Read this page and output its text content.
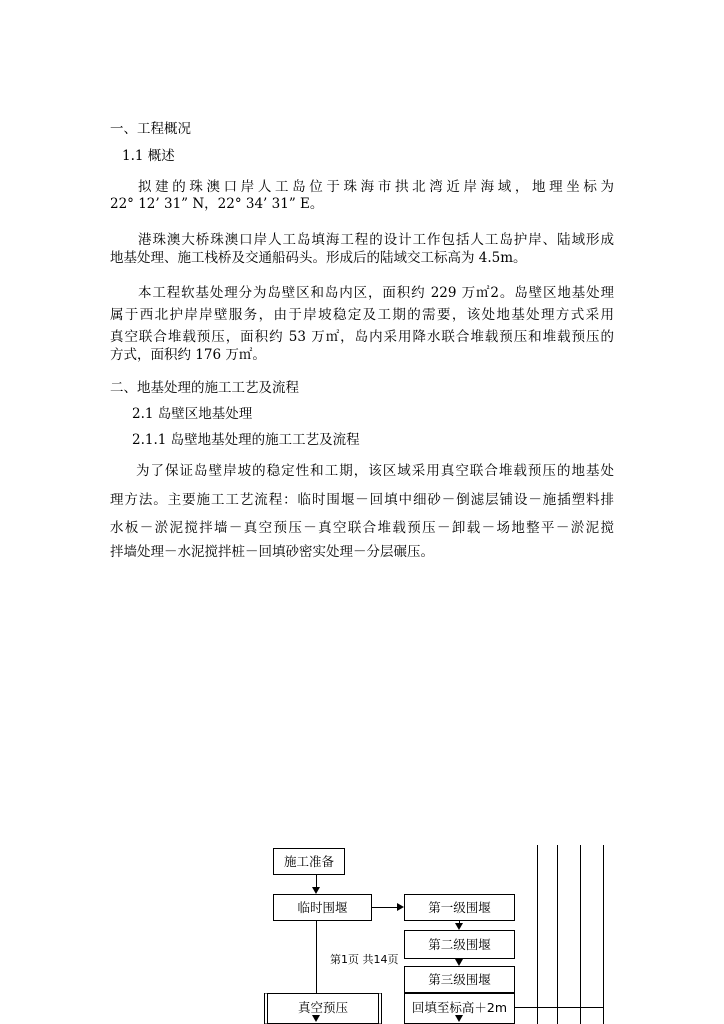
一、工程概况
1.1 概述
拟建的珠澳口岸人工岛位于珠海市拱北湾近岸海域，地理坐标为
22° 12’ 31” N，22° 34’ 31” E。
港珠澳大桥珠澳口岸人工岛填海工程的设计工作包括人工岛护岸、陆域形成
地基处理、施工栈桥及交通船码头。形成后的陆域交工标高为 4.5m。
本工程软基处理分为岛壁区和岛内区，面积约 229 万㎡2。岛壁区地基处理
属于西北护岸岸壁服务，由于岸坡稳定及工期的需要，该处地基处理方式采用
真空联合堆载预压，面积约 53 万㎡，岛内采用降水联合堆载预压和堆载预压的
方式，面积约 176 万㎡。
二、地基处理的施工工艺及流程
2.1 岛壁区地基处理
2.1.1 岛壁地基处理的施工工艺及流程
为了保证岛壁岸坡的稳定性和工期，该区域采用真空联合堆载预压的地基处
理方法。主要施工工艺流程：临时围堰－回填中细砂－倒滤层铺设－施插塑料排
水板－淤泥搅拌墙－真空预压－真空联合堆载预压－卸载－场地整平－淤泥搅
拌墙处理－水泥搅拌桩－回填砂密实处理－分层碾压。
施工准备
临时围堰	第一级围堰
第二级围堰
第三级围堰
真空预压	回填至标高＋2m
第1页 共14页
